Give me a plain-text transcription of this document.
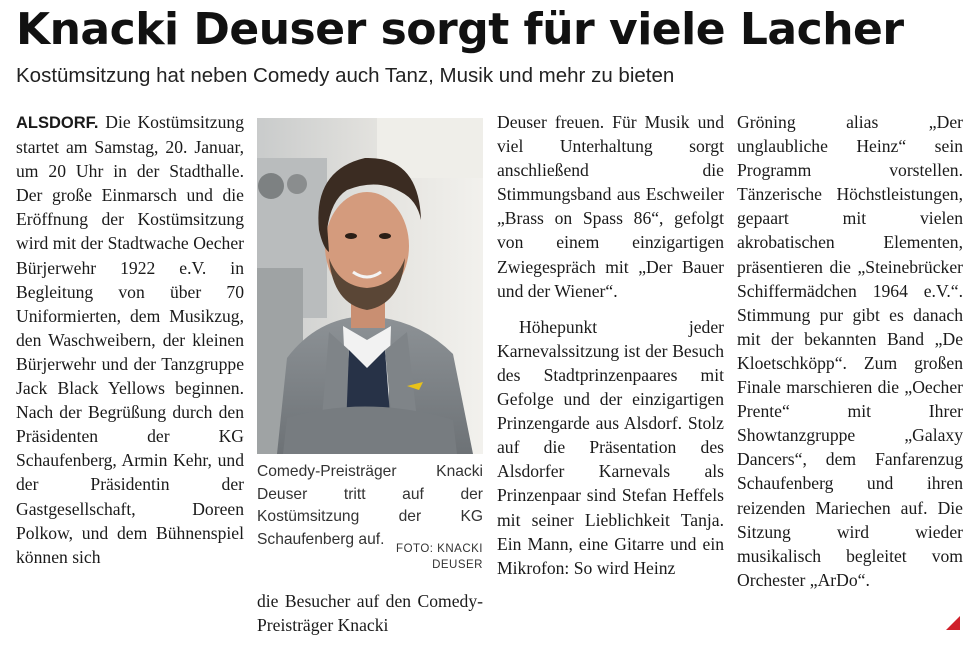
Knacki Deuser sorgt für viele Lacher
Kostümsitzung hat neben Comedy auch Tanz, Musik und mehr zu bieten

ALSDORF. Die Kostümsitzung startet am Samstag, 20. Januar, um 20 Uhr in der Stadthalle. Der große Einmarsch und die Eröffnung der Kostümsitzung wird mit der Stadtwache Oecher Bürjerwehr 1922 e.V. in Begleitung von über 70 Uniformierten, dem Musikzug, den Waschweibern, der kleinen Bürjerwehr und der Tanzgruppe Jack Black Yellows beginnen. Nach der Begrüßung durch den Präsidenten der KG Schaufenberg, Armin Kehr, und der Präsidentin der Gastgesellschaft, Doreen Polkow, und dem Bühnenspiel können sich

Comedy-Preisträger Knacki Deuser tritt auf der Kostümsitzung der KG Schaufenberg auf.
FOTO: KNACKI DEUSER

die Besucher auf den Comedy-Preisträger Knacki

Deuser freuen. Für Musik und viel Unterhaltung sorgt anschließend die Stimmungsband aus Eschweiler „Brass on Spass 86“, gefolgt von einem einzigartigen Zwiegespräch mit „Der Bauer und der Wiener“.

Höhepunkt jeder Karnevalssitzung ist der Besuch des Stadtprinzenpaares mit Gefolge und der einzigartigen Prinzengarde aus Alsdorf. Stolz auf die Präsentation des Alsdorfer Karnevals als Prinzenpaar sind Stefan Heffels mit seiner Lieblichkeit Tanja. Ein Mann, eine Gitarre und ein Mikrofon: So wird Heinz

Gröning alias „Der unglaubliche Heinz“ sein Programm vorstellen. Tänzerische Höchstleistungen, gepaart mit vielen akrobatischen Elementen, präsentieren die „Steinebrücker Schiffermädchen 1964 e.V.“. Stimmung pur gibt es danach mit der bekannten Band „De Kloetschköpp“. Zum großen Finale marschieren die „Oecher Prente“ mit Ihrer Showtanzgruppe „Galaxy Dancers“, dem Fanfarenzug Schaufenberg und ihren reizenden Mariechen auf. Die Sitzung wird wieder musikalisch begleitet vom Orchester „ArDo“.
